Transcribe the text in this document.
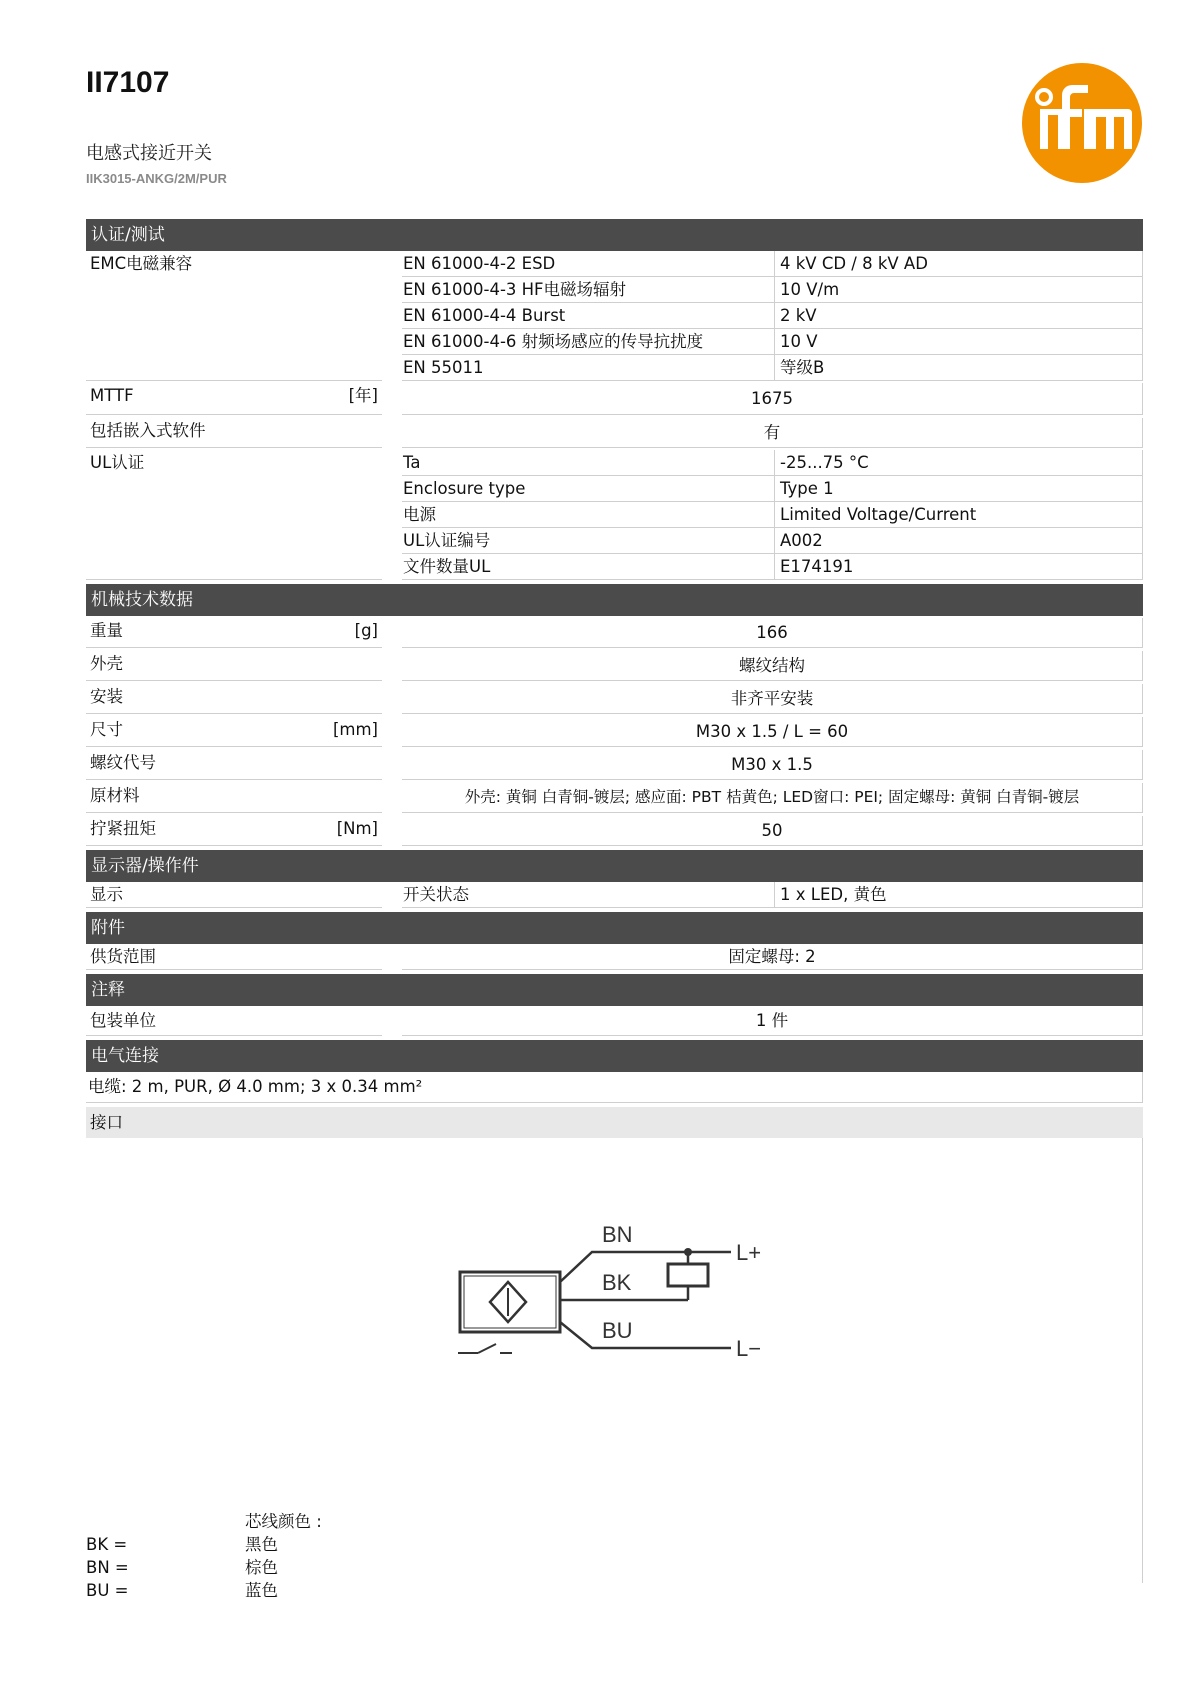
II7107
电感式接近开关
IIK3015-ANKG/2M/PUR
认证/测试
EMC电磁兼容	EN 61000-4-2 ESD	4 kV CD / 8 kV AD
EN 61000-4-3 HF电磁场辐射	10 V/m
EN 61000-4-4 Burst	2 kV
EN 61000-4-6 射频场感应的传导抗扰度	10 V
EN 55011	等级B
MTTF	[年]	1675
包括嵌入式软件	有
UL认证	Ta	-25...75 °C
Enclosure type	Type 1
电源	Limited Voltage/Current
UL认证编号	A002
文件数量UL	E174191
机械技术数据
重量	[g]	166
外壳	螺纹结构
安装	非齐平安装
尺寸	[mm]	M30 x 1.5 / L = 60
螺纹代号	M30 x 1.5
原材料	外壳: 黄铜 白青铜-镀层; 感应面: PBT 桔黄色; LED窗口: PEI; 固定螺母: 黄铜 白青铜-镀层
拧紧扭矩	[Nm]	50
显示器/操作件
显示	开关状态	1 x LED, 黄色
附件
供货范围	固定螺母: 2
注释
包装单位	1 件
电气连接
电缆: 2 m, PUR, Ø 4.0 mm; 3 x 0.34 mm²
接口
BN
BK
BU
L+
L−
芯线颜色 :
BK =	黑色
BN =	棕色
BU =	蓝色
